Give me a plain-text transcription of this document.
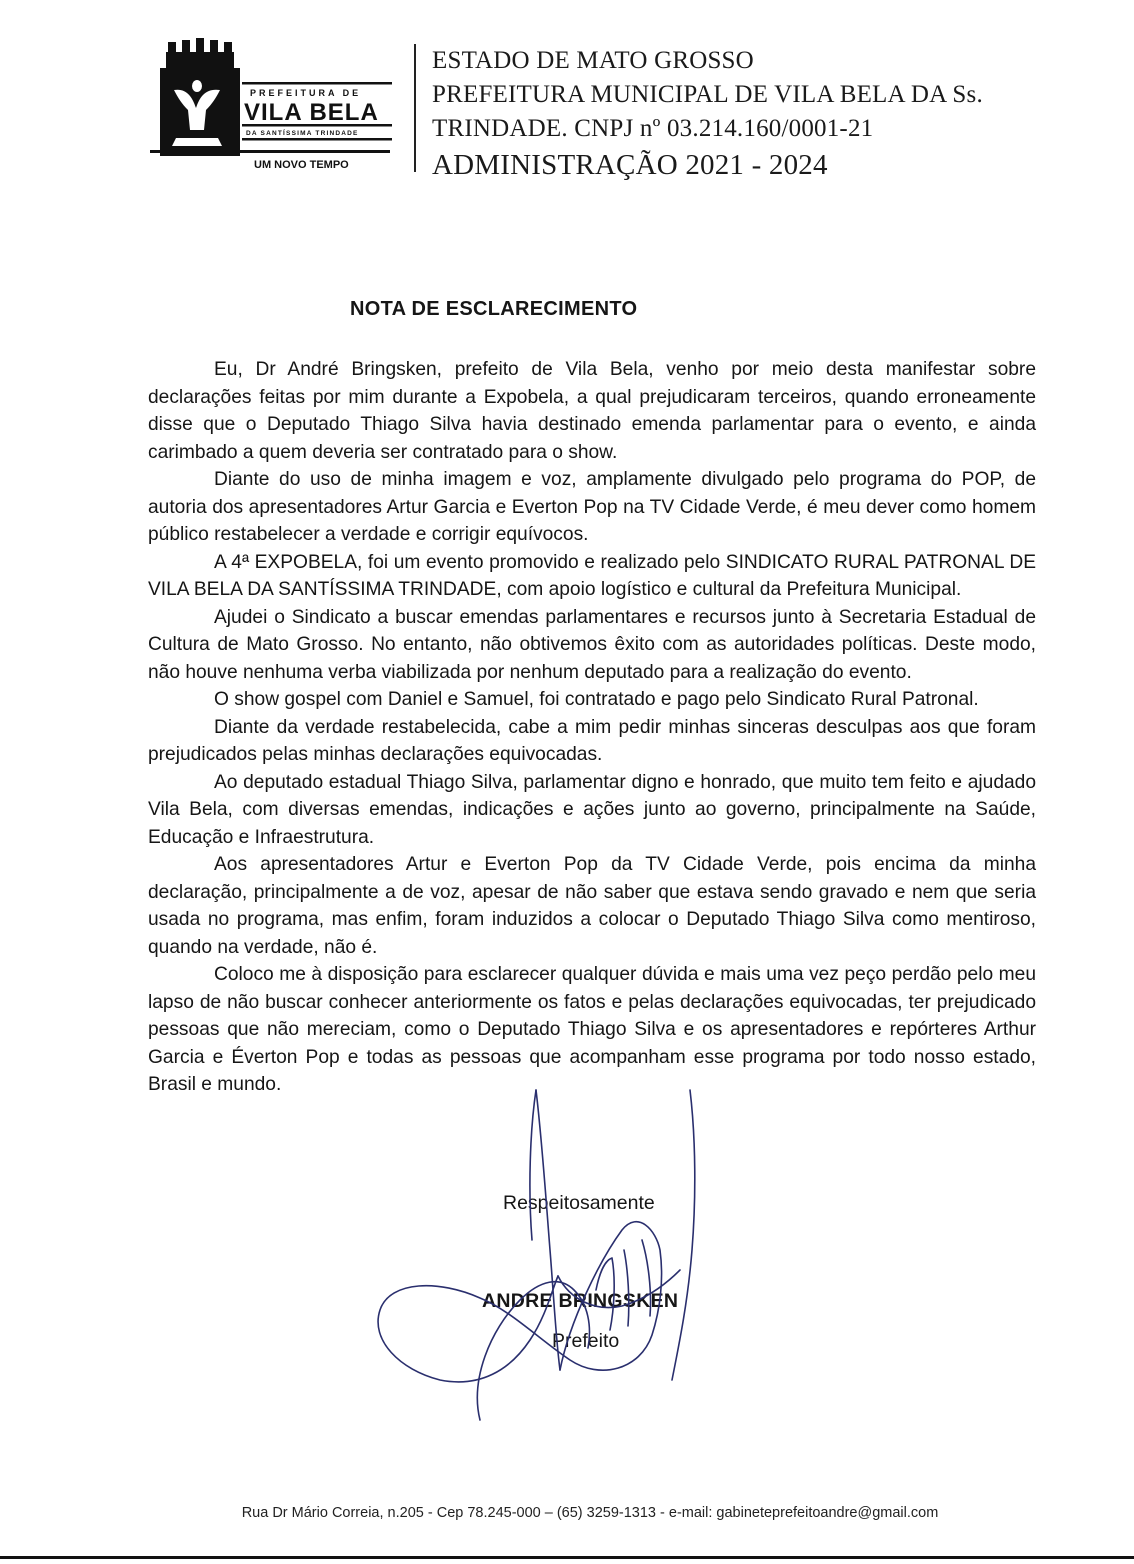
PREFEITURA DE
VILA BELA
DA SANTÍSSIMA TRINDADE
UM NOVO TEMPO
ESTADO DE MATO GROSSO
PREFEITURA MUNICIPAL DE VILA BELA DA Ss.
TRINDADE. CNPJ nº 03.214.160/0001-21
ADMINISTRAÇÃO 2021 - 2024
NOTA DE ESCLARECIMENTO

Eu, Dr André Bringsken, prefeito de Vila Bela, venho por meio desta manifestar sobre declarações feitas por mim durante a Expobela, a qual prejudicaram terceiros, quando erroneamente disse que o Deputado Thiago Silva havia destinado emenda parlamentar para o evento, e ainda carimbado a quem deveria ser contratado para o show.

Diante do uso de minha imagem e voz, amplamente divulgado pelo programa do POP, de autoria dos apresentadores Artur Garcia e Everton Pop na TV Cidade Verde, é meu dever como homem público restabelecer a verdade e corrigir equívocos.

A 4ª EXPOBELA, foi um evento promovido e realizado pelo SINDICATO RURAL PATRONAL DE VILA BELA DA SANTÍSSIMA TRINDADE, com apoio logístico e cultural da Prefeitura Municipal.

Ajudei o Sindicato a buscar emendas parlamentares e recursos junto à Secretaria Estadual de Cultura de Mato Grosso. No entanto, não obtivemos êxito com as autoridades políticas. Deste modo, não houve nenhuma verba viabilizada por nenhum deputado para a realização do evento.

O show gospel com Daniel e Samuel, foi contratado e pago pelo Sindicato Rural Patronal.

Diante da verdade restabelecida, cabe a mim pedir minhas sinceras desculpas aos que foram prejudicados pelas minhas declarações equivocadas.

Ao deputado estadual Thiago Silva, parlamentar digno e honrado, que muito tem feito e ajudado Vila Bela, com diversas emendas, indicações e ações junto ao governo, principalmente na Saúde, Educação e Infraestrutura.

Aos apresentadores Artur e Everton Pop da TV Cidade Verde, pois encima da minha declaração, principalmente a de voz, apesar de não saber que estava sendo gravado e nem que seria usada no programa, mas enfim, foram induzidos a colocar o Deputado Thiago Silva como mentiroso, quando na verdade, não é.

Coloco me à disposição para esclarecer qualquer dúvida e mais uma vez peço perdão pelo meu lapso de não buscar conhecer anteriormente os fatos e pelas declarações equivocadas, ter prejudicado pessoas que não mereciam, como o Deputado Thiago Silva e os apresentadores e repórteres Arthur Garcia e Éverton Pop e todas as pessoas que acompanham esse programa por todo nosso estado, Brasil e mundo.

Respeitosamente
ANDRE BRINGSKEN
Prefeito
Rua Dr Mário Correia, n.205 - Cep 78.245-000 – (65) 3259-1313 - e-mail: gabineteprefeitoandre@gmail.com
